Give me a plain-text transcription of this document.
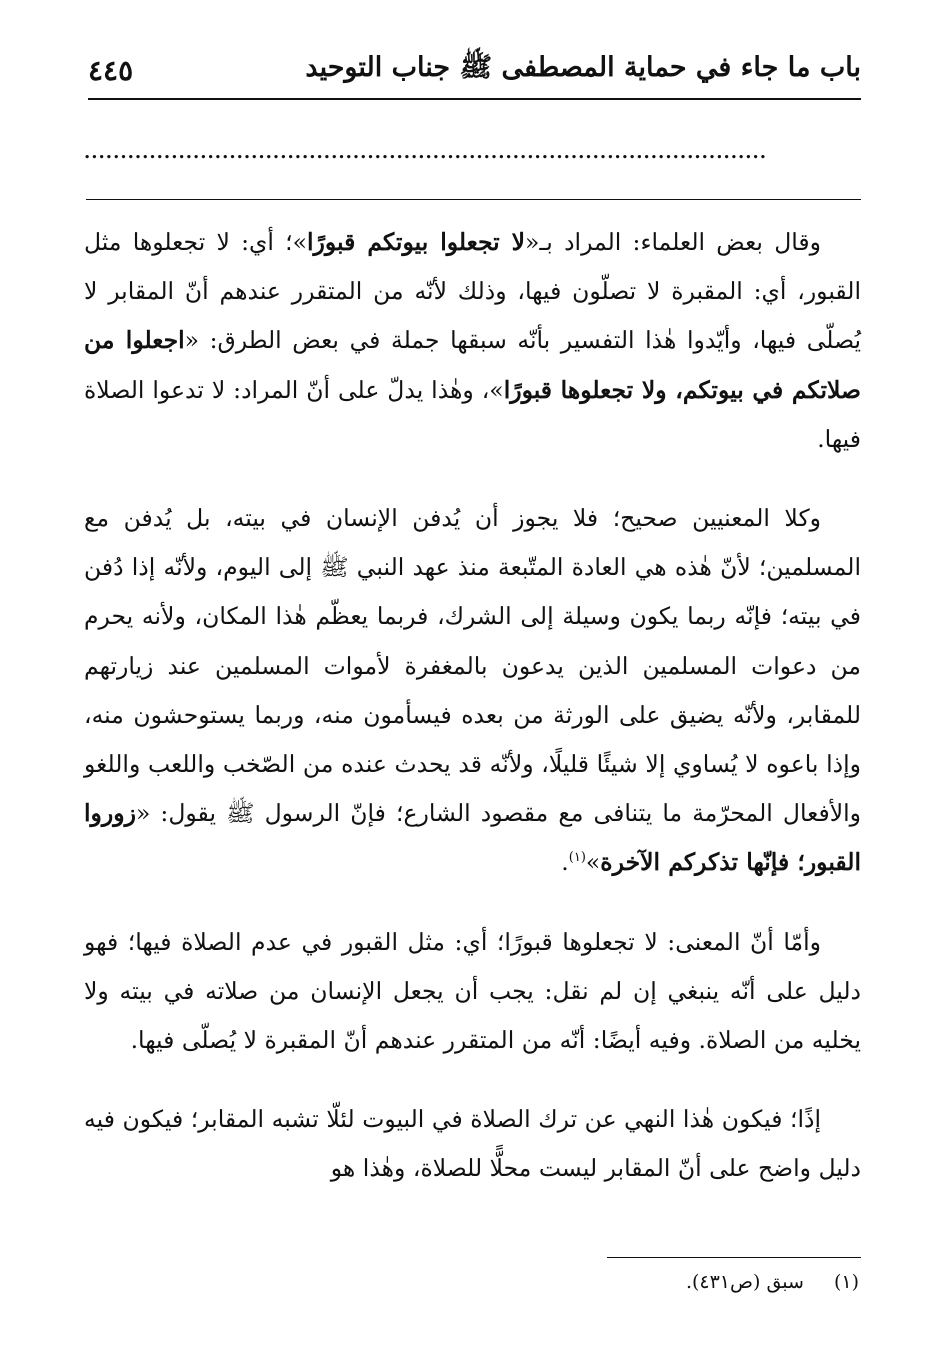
باب ما جاء في حماية المصطفى ﷺ جناب التوحيد
٤٤٥
..............................................................................................

وقال بعض العلماء: المراد بـ«لا تجعلوا بيوتكم قبورًا»؛ أي: لا تجعلوها مثل القبور، أي: المقبرة لا تصلّون فيها، وذلك لأنّه من المتقرر عندهم أنّ المقابر لا يُصلّى فيها، وأيّدوا هٰذا التفسير بأنّه سبقها جملة في بعض الطرق: «اجعلوا من صلاتكم في بيوتكم، ولا تجعلوها قبورًا»، وهٰذا يدلّ على أنّ المراد: لا تدعوا الصلاة فيها.

وكلا المعنيين صحيح؛ فلا يجوز أن يُدفن الإنسان في بيته، بل يُدفن مع المسلمين؛ لأنّ هٰذه هي العادة المتّبعة منذ عهد النبي ﷺ إلى اليوم، ولأنّه إذا دُفن في بيته؛ فإنّه ربما يكون وسيلة إلى الشرك، فربما يعظّم هٰذا المكان، ولأنه يحرم من دعوات المسلمين الذين يدعون بالمغفرة لأموات المسلمين عند زيارتهم للمقابر، ولأنّه يضيق على الورثة من بعده فيسأمون منه، وربما يستوحشون منه، وإذا باعوه لا يُساوي إلا شيئًا قليلًا، ولأنّه قد يحدث عنده من الصّخب واللعب واللغو والأفعال المحرّمة ما يتنافى مع مقصود الشارع؛ فإنّ الرسول ﷺ يقول: «زوروا القبور؛ فإنّها تذكركم الآخرة»$^{(١)}$.

وأمّا أنّ المعنى: لا تجعلوها قبورًا؛ أي: مثل القبور في عدم الصلاة فيها؛ فهو دليل على أنّه ينبغي إن لم نقل: يجب أن يجعل الإنسان من صلاته في بيته ولا يخليه من الصلاة. وفيه أيضًا: أنّه من المتقرر عندهم أنّ المقبرة لا يُصلّى فيها.

إذًا؛ فيكون هٰذا النهي عن ترك الصلاة في البيوت لئلّا تشبه المقابر؛ فيكون فيه دليل واضح على أنّ المقابر ليست محلًّا للصلاة، وهٰذا هو

(١)
سبق (ص٤٣١).
